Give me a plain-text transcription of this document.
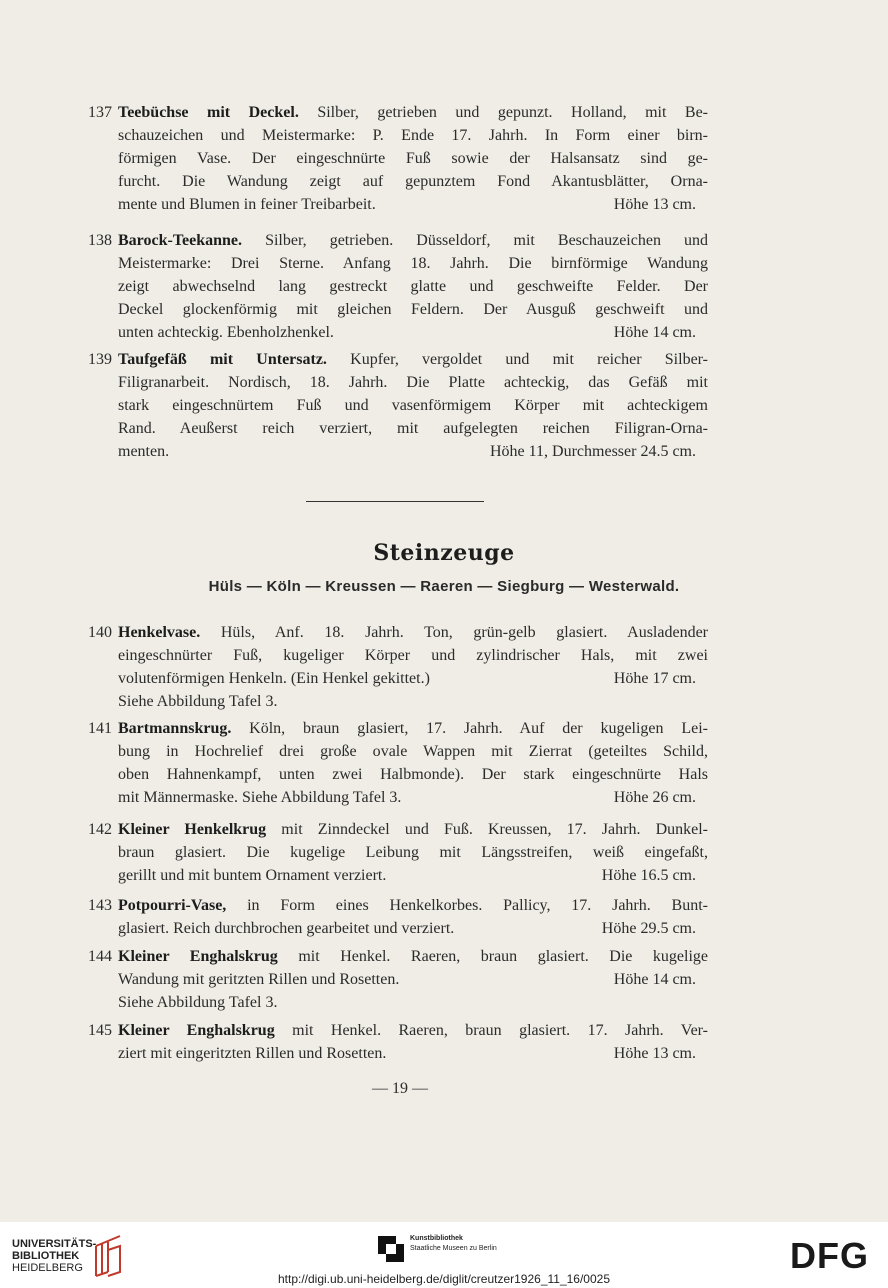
137 Teebüchse mit Deckel. Silber, getrieben und gepunzt. Holland, mit Be-
schauzeichen und Meistermarke: P. Ende 17. Jahrh. In Form einer birn-
förmigen Vase. Der eingeschnürte Fuß sowie der Halsansatz sind ge-
furcht. Die Wandung zeigt auf gepunztem Fond Akantusblätter, Orna-
mente und Blumen in feiner Treibarbeit.	Höhe 13 cm.
138 Barock-Teekanne. Silber, getrieben. Düsseldorf, mit Beschauzeichen und
Meistermarke: Drei Sterne. Anfang 18. Jahrh. Die birnförmige Wandung
zeigt abwechselnd lang gestreckt glatte und geschweifte Felder. Der
Deckel glockenförmig mit gleichen Feldern. Der Ausguß geschweift und
unten achteckig. Ebenholzhenkel.	Höhe 14 cm.
139 Taufgefäß mit Untersatz. Kupfer, vergoldet und mit reicher Silber-
Filigranarbeit. Nordisch, 18. Jahrh. Die Platte achteckig, das Gefäß mit
stark eingeschnürtem Fuß und vasenförmigem Körper mit achteckigem
Rand. Aeußerst reich verziert, mit aufgelegten reichen Filigran-Orna-
menten.	Höhe 11, Durchmesser 24.5 cm.
Steinzeuge
Hüls — Köln — Kreussen — Raeren — Siegburg — Westerwald.
140 Henkelvase. Hüls, Anf. 18. Jahrh. Ton, grün-gelb glasiert. Ausladender
eingeschnürter Fuß, kugeliger Körper und zylindrischer Hals, mit zwei
volutenförmigen Henkeln. (Ein Henkel gekittet.)	Höhe 17 cm.
Siehe Abbildung Tafel 3.
141 Bartmannskrug. Köln, braun glasiert, 17. Jahrh. Auf der kugeligen Lei-
bung in Hochrelief drei große ovale Wappen mit Zierrat (geteiltes Schild,
oben Hahnenkampf, unten zwei Halbmonde). Der stark eingeschnürte Hals
mit Männermaske. Siehe Abbildung Tafel 3.	Höhe 26 cm.
142 Kleiner Henkelkrug mit Zinndeckel und Fuß. Kreussen, 17. Jahrh. Dunkel-
braun glasiert. Die kugelige Leibung mit Längsstreifen, weiß eingefaßt,
gerillt und mit buntem Ornament verziert.	Höhe 16.5 cm.
143 Potpourri-Vase, in Form eines Henkelkorbes. Pallicy, 17. Jahrh. Bunt-
glasiert. Reich durchbrochen gearbeitet und verziert.	Höhe 29.5 cm.
144 Kleiner Enghalskrug mit Henkel. Raeren, braun glasiert. Die kugelige
Wandung mit geritzten Rillen und Rosetten.	Höhe 14 cm.
Siehe Abbildung Tafel 3.
145 Kleiner Enghalskrug mit Henkel. Raeren, braun glasiert. 17. Jahrh. Ver-
ziert mit eingeritzten Rillen und Rosetten.	Höhe 13 cm.
— 19 —
UNIVERSITÄTS-
BIBLIOTHEK
HEIDELBERG
Kunstbibliothek
Staatliche Museen zu Berlin	DFG
http://digi.ub.uni-heidelberg.de/diglit/creutzer1926_11_16/0025
